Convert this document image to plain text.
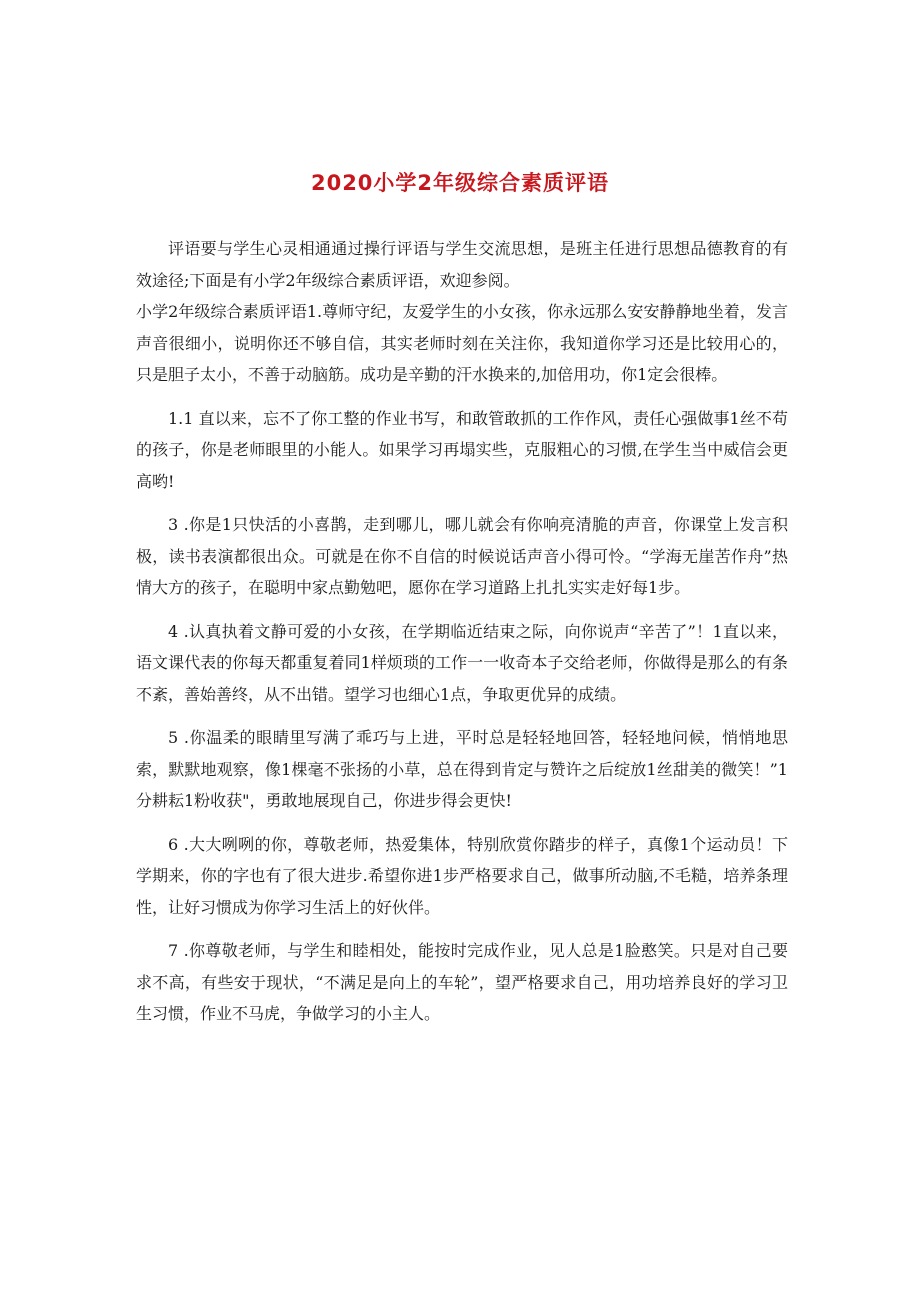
2020小学2年级综合素质评语

评语要与学生心灵相通通过操行评语与学生交流思想，是班主任进行思想品德教育的有效途径;下面是有小学2年级综合素质评语，欢迎参阅。

小学2年级综合素质评语1.尊师守纪，友爱学生的小女孩，你永远那么安安静静地坐着，发言声音很细小，说明你还不够自信，其实老师时刻在关注你，我知道你学习还是比较用心的，只是胆子太小，不善于动脑筋。成功是辛勤的汗水换来的,加倍用功，你1定会很棒。

1.1 直以来，忘不了你工整的作业书写，和敢管敢抓的工作作风，责任心强做事1丝不苟的孩子，你是老师眼里的小能人。如果学习再塌实些，克服粗心的习惯,在学生当中威信会更高哟!

3 .你是1只快活的小喜鹊，走到哪儿，哪儿就会有你响亮清脆的声音，你课堂上发言积极，读书表演都很出众。可就是在你不自信的时候说话声音小得可怜。“学海无崖苦作舟”热情大方的孩子，在聪明中家点勤勉吧，愿你在学习道路上扎扎实实走好每1步。

4 .认真执着文静可爱的小女孩，在学期临近结束之际，向你说声“辛苦了”！1直以来，语文课代表的你每天都重复着同1样烦琐的工作一一收奇本子交给老师，你做得是那么的有条不紊，善始善终，从不出错。望学习也细心1点，争取更优异的成绩。

5 .你温柔的眼睛里写满了乖巧与上进，平时总是轻轻地回答，轻轻地问候，悄悄地思索，默默地观察，像1棵毫不张扬的小草，总在得到肯定与赞许之后绽放1丝甜美的微笑！”1分耕耘1粉收获"，勇敢地展现自己，你进步得会更快!

6 .大大咧咧的你，尊敬老师，热爱集体，特别欣赏你踏步的样子，真像1个运动员！下学期来，你的字也有了很大进步.希望你进1步严格要求自己，做事所动脑,不毛糙，培养条理性，让好习惯成为你学习生活上的好伙伴。

7 .你尊敬老师，与学生和睦相处，能按时完成作业，见人总是1脸憨笑。只是对自己要求不高，有些安于现状，“不满足是向上的车轮”，望严格要求自己，用功培养良好的学习卫生习惯，作业不马虎，争做学习的小主人。
